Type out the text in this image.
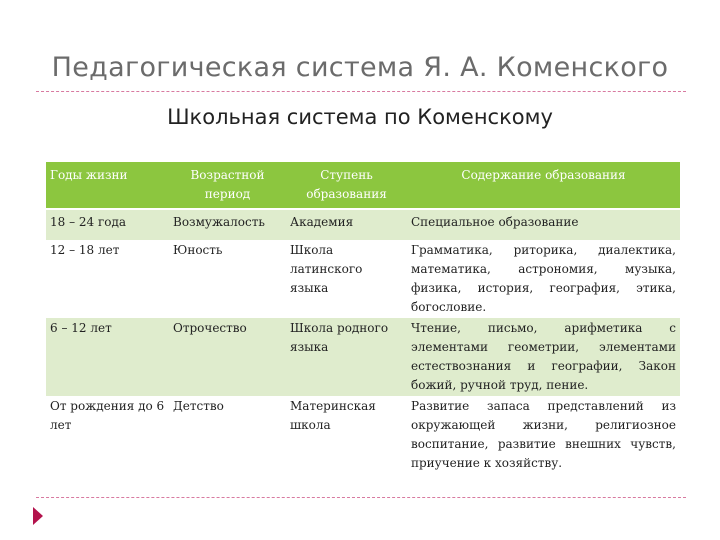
Педагогическая система Я. А. Коменского
Школьная система по Коменскому
Годы жизни	Возрастной период	Ступень образования	Содержание образования
18 – 24 года	Возмужалость	Академия	Специальное образование
12 – 18 лет	Юность	Школа латинского языка	Грамматика, риторика, диалектика, математика, астрономия, музыка, физика, история, география, этика, богословие.
6 – 12 лет	Отрочество	Школа родного языка	Чтение, письмо, арифметика с элементами геометрии, элементами естествознания и географии, Закон божий, ручной труд, пение.
От рождения до 6 лет	Детство	Материнская школа	Развитие запаса представлений из окружающей жизни, религиозное воспитание, развитие внешних чувств, приучение к хозяйству.
